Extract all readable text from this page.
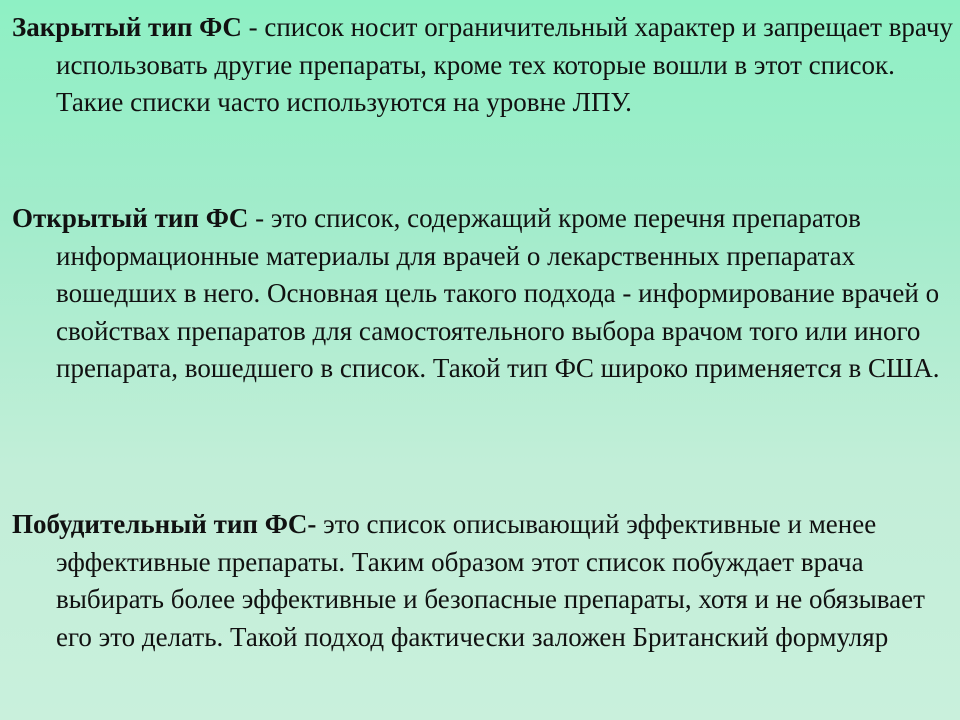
Закрытый тип ФС - список носит ограничительный характер и запрещает врачу использовать другие препараты, кроме тех которые вошли в этот список. Такие списки часто используются на уровне ЛПУ.

Открытый тип ФС - это список, содержащий кроме перечня препаратов информационные материалы для врачей о лекарственных препаратах вошедших в него. Основная цель такого подхода - информирование врачей о свойствах препаратов для самостоятельного выбора врачом того или иного препарата, вошедшего в список. Такой тип ФС широко применяется в США.

Побудительный тип ФС- это список описывающий эффективные и менее эффективные препараты. Таким образом этот список побуждает врача выбирать более эффективные и безопасные препараты, хотя и не обязывает его это делать. Такой подход фактически заложен Британский формуляр
